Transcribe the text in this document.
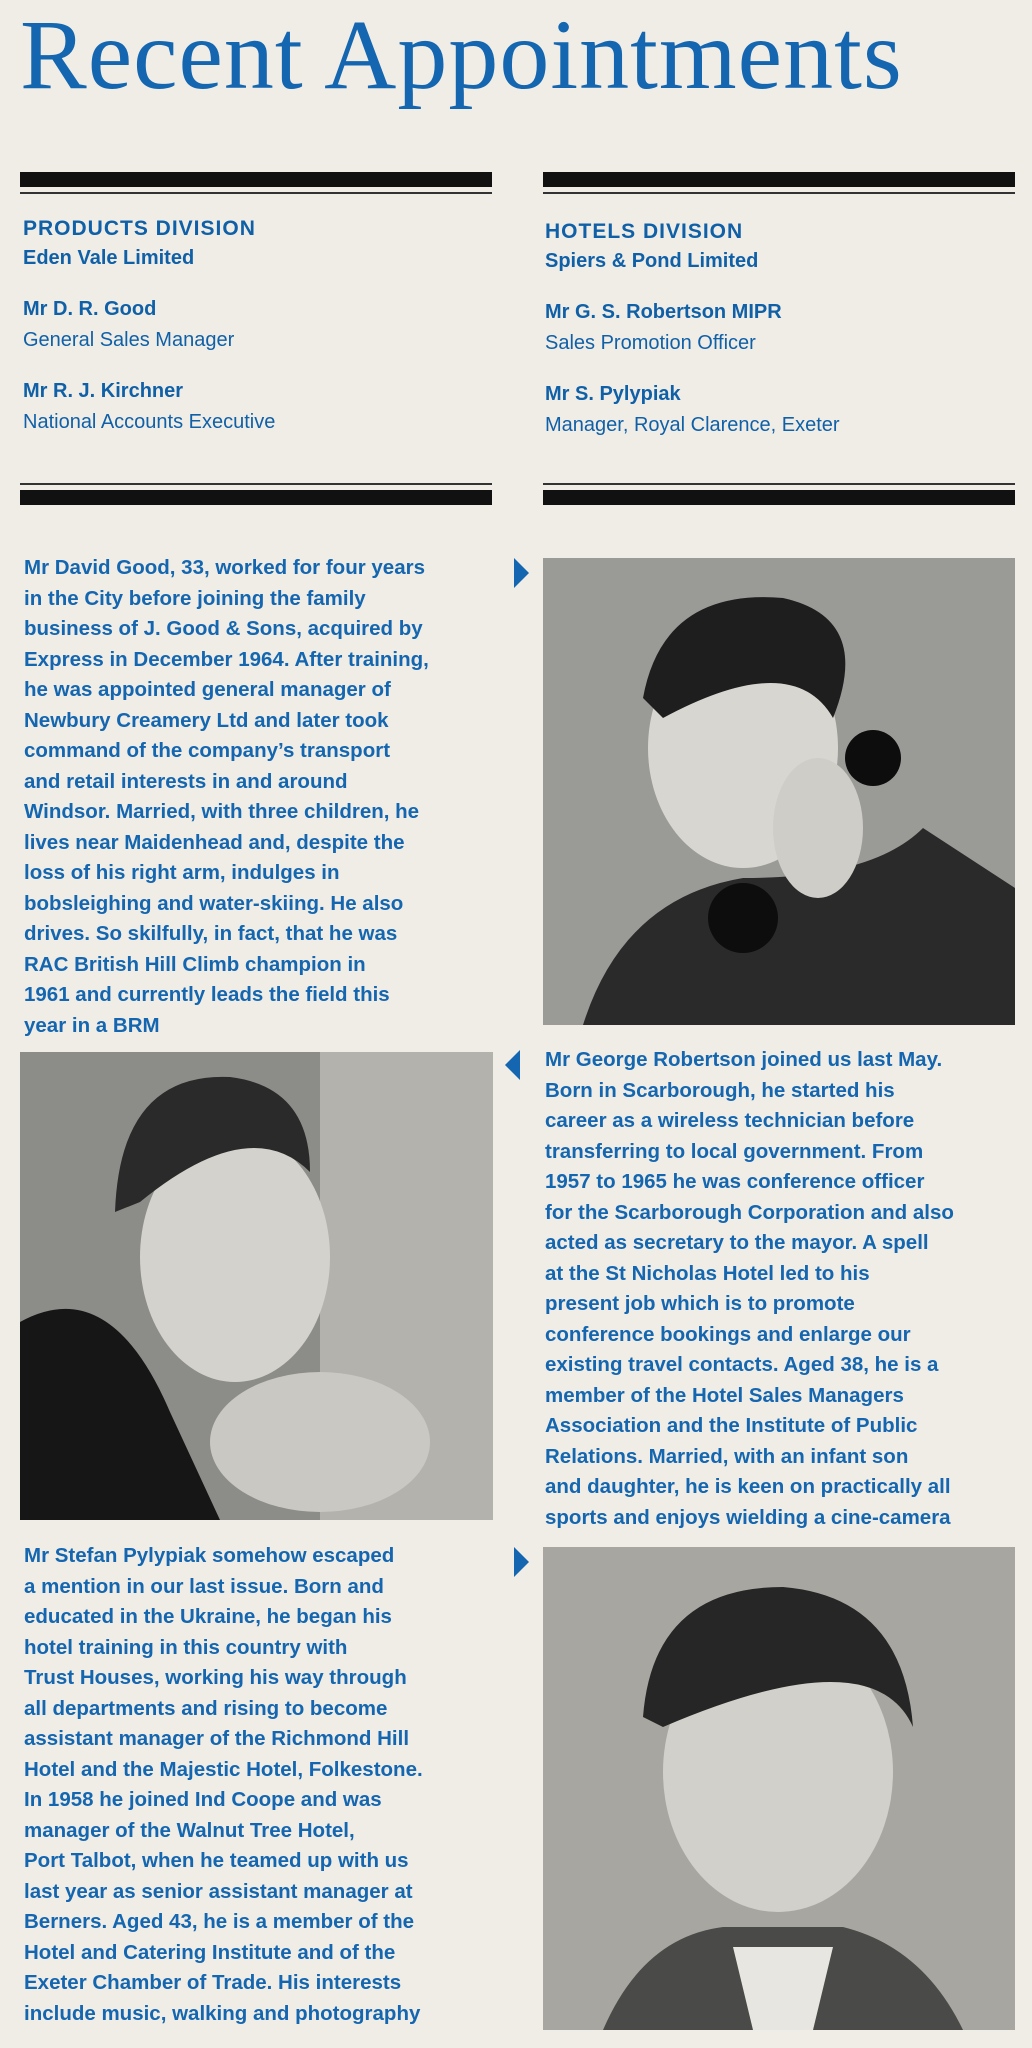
Recent Appointments
PRODUCTS DIVISION
Eden Vale Limited
Mr D. R. Good
General Sales Manager
Mr R. J. Kirchner
National Accounts Executive
HOTELS DIVISION
Spiers & Pond Limited
Mr G. S. Robertson MIPR
Sales Promotion Officer
Mr S. Pylypiak
Manager, Royal Clarence, Exeter
Mr David Good, 33, worked for four years
in the City before joining the family
business of J. Good & Sons, acquired by
Express in December 1964. After training,
he was appointed general manager of
Newbury Creamery Ltd and later took
command of the company’s transport
and retail interests in and around
Windsor. Married, with three children, he
lives near Maidenhead and, despite the
loss of his right arm, indulges in
bobsleighing and water-skiing. He also
drives. So skilfully, in fact, that he was
RAC British Hill Climb champion in
1961 and currently leads the field this
year in a BRM
Mr George Robertson joined us last May.
Born in Scarborough, he started his
career as a wireless technician before
transferring to local government. From
1957 to 1965 he was conference officer
for the Scarborough Corporation and also
acted as secretary to the mayor. A spell
at the St Nicholas Hotel led to his
present job which is to promote
conference bookings and enlarge our
existing travel contacts. Aged 38, he is a
member of the Hotel Sales Managers
Association and the Institute of Public
Relations. Married, with an infant son
and daughter, he is keen on practically all
sports and enjoys wielding a cine-camera
Mr Stefan Pylypiak somehow escaped
a mention in our last issue. Born and
educated in the Ukraine, he began his
hotel training in this country with
Trust Houses, working his way through
all departments and rising to become
assistant manager of the Richmond Hill
Hotel and the Majestic Hotel, Folkestone.
In 1958 he joined Ind Coope and was
manager of the Walnut Tree Hotel,
Port Talbot, when he teamed up with us
last year as senior assistant manager at
Berners. Aged 43, he is a member of the
Hotel and Catering Institute and of the
Exeter Chamber of Trade. His interests
include music, walking and photography
